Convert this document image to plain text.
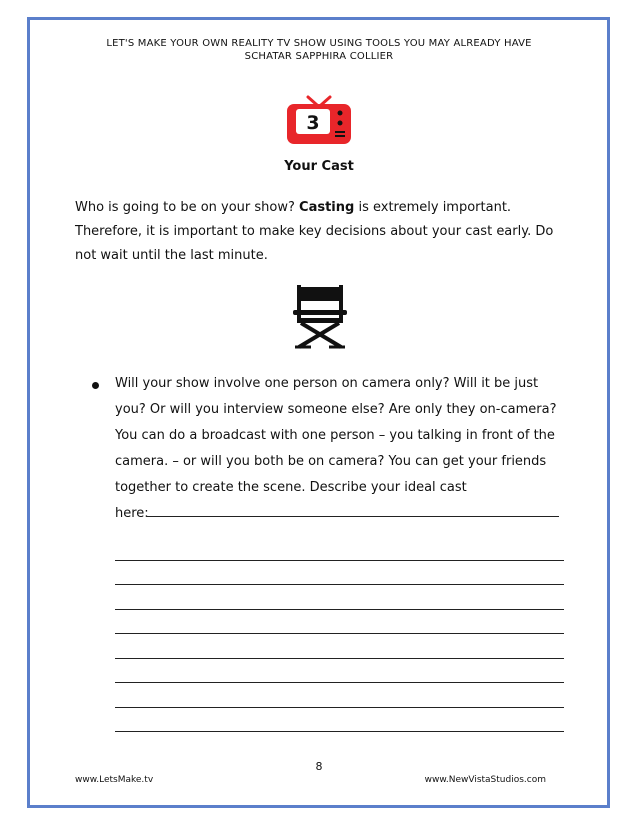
LET'S MAKE YOUR OWN REALITY TV SHOW USING TOOLS YOU MAY ALREADY HAVE
SCHATAR SAPPHIRA COLLIER
3
Your Cast
Who is going to be on your show? Casting is extremely important. Therefore, it is important to make key decisions about your cast early. Do not wait until the last minute.
Will your show involve one person on camera only? Will it be just you? Or will you interview someone else? Are only they on-camera? You can do a broadcast with one person – you talking in front of the camera. – or will you both be on camera? You can get your friends together to create the scene. Describe your ideal cast
here:
8
www.LetsMake.tv	www.NewVistaStudios.com
